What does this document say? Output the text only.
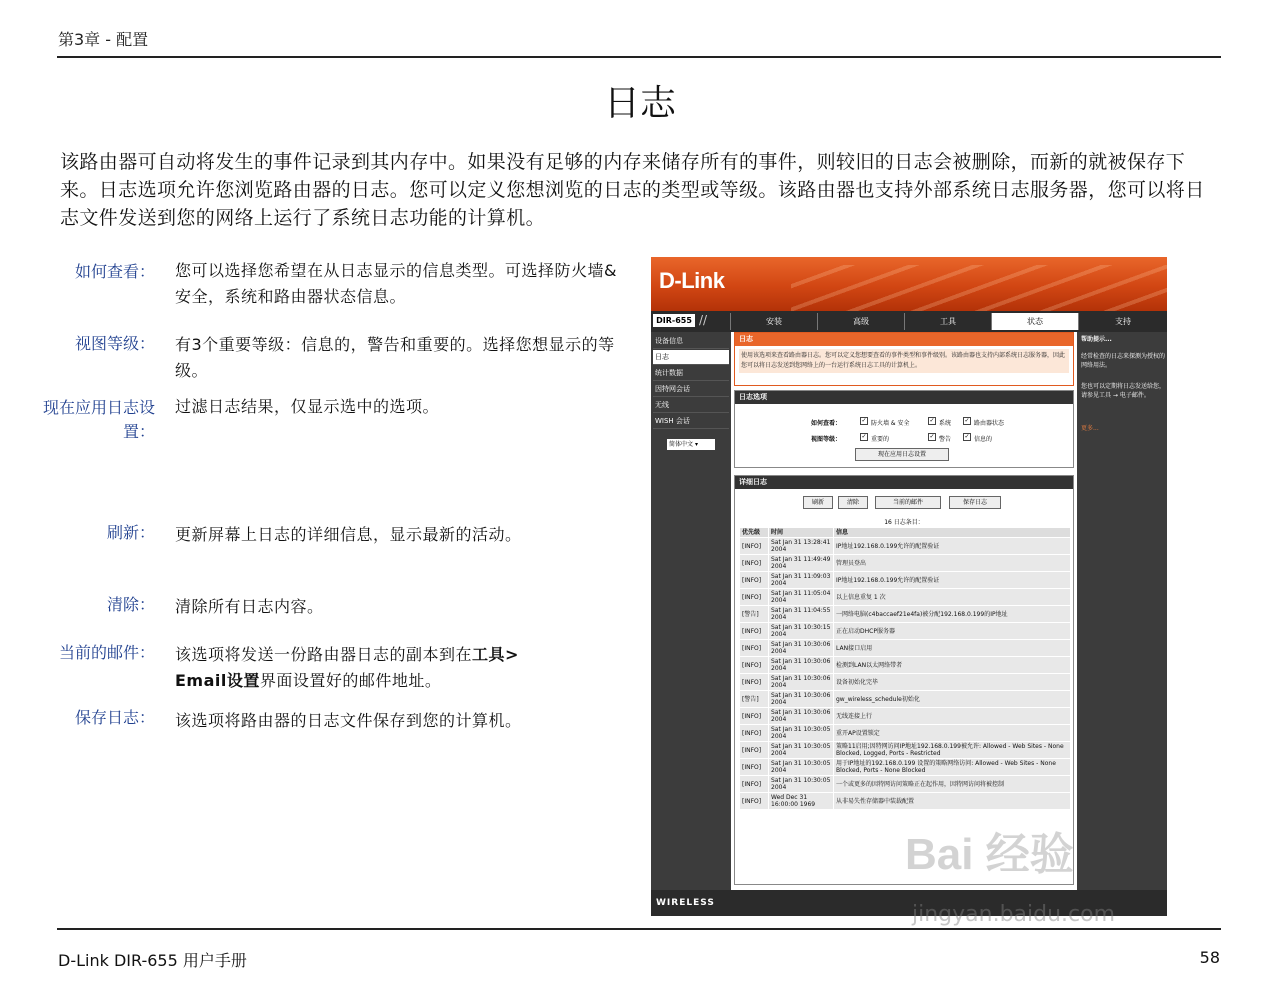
第3章 - 配置
日志
该路由器可自动将发生的事件记录到其内存中。如果没有足够的内存来储存所有的事件，则较旧的日志会被删除，而新的就被保存下来。日志选项允许您浏览路由器的日志。您可以定义您想浏览的日志的类型或等级。该路由器也支持外部系统日志服务器，您可以将日志文件发送到您的网络上运行了系统日志功能的计算机。
如何查看： 您可以选择您希望在从日志显示的信息类型。可选择防火墙&安全，系统和路由器状态信息。
视图等级： 有3个重要等级：信息的，警告和重要的。选择您想显示的等级。
现在应用日志设置：
过滤日志结果，仅显示选中的选项。
刷新： 更新屏幕上日志的详细信息，显示最新的活动。
清除： 清除所有日志内容。
当前的邮件： 该选项将发送一份路由器日志的副本到在工具>
Email设置界面设置好的邮件地址。
保存日志： 该选项将路由器的日志文件保存到您的计算机。
D-Link
DIR-655 //	安装	高级	工具	状态	支持
设备信息
日志
统计数据
因特网会话
无线
WISH 会话
简体中文 ▾
日志
使用该选项来查看路由器日志。您可以定义您想要查看的事件类型和事件级别。该路由器也支持内部系统日志服务器，因此您可以将日志发送到您网络上的一台运行系统日志工具的计算机上。
日志选项
如何查看：	✓ 防火墙 & 安全	✓ 系统 ✓ 路由器状态
视图等级：	✓ 重要的	✓ 警告 ✓ 信息的
现在应用日志设置
详细日志
刷新	清除	当前的邮件	保存日志
16 日志条目：
优先级	时间	信息
[INFO]	Sat Jan 31 13:28:41 2004	IP地址192.168.0.199允许的配置验证
[INFO]	Sat Jan 31 11:49:49 2004	管理员登出
[INFO]	Sat Jan 31 11:09:03 2004	IP地址192.168.0.199允许的配置验证
[INFO]	Sat Jan 31 11:05:04 2004	以上信息重复 1 次
[警告]	Sat Jan 31 11:04:55 2004	一网络电脑(c4baccaef21e4fa)被分配192.168.0.199的IP地址
[INFO]	Sat Jan 31 10:30:15 2004	正在启动DHCP服务器
[INFO]	Sat Jan 31 10:30:06 2004	LAN接口启用
[INFO]	Sat Jan 31 10:30:06 2004	检测到LAN以太网络带者
[INFO]	Sat Jan 31 10:30:06 2004	设备初始化完毕
[警告]	Sat Jan 31 10:30:06 2004	gw_wireless_schedule初始化
[INFO]	Sat Jan 31 10:30:06 2004	无线连接上行
[INFO]	Sat Jan 31 10:30:05 2004	重开AP设置锁定
[INFO]	Sat Jan 31 10:30:05 2004	策略11启用;因特网访问IP地址192.168.0.199被允许: Allowed - Web Sites - None Blocked, Logged, Ports - Restricted
[INFO]	Sat Jan 31 10:30:05 2004	用于IP地址的192.168.0.199 设置的策略网络访问: Allowed - Web Sites - None Blocked, Ports - None Blocked
[INFO]	Sat Jan 31 10:30:05 2004	一个或更多的因特网访问策略正在起作用，因特网访问将被控制
[INFO]	Wed Dec 31 16:00:00 1969	从非易失性存储器中装载配置
帮助提示...
经常检查的日志来探测为授权的网络用法。
您也可以定期将日志发送给您，请参见工具 → 电子邮件。
更多...
WIRELESS
Bai 经验
jingyan.baidu.com
D-Link DIR-655 用户手册	58
